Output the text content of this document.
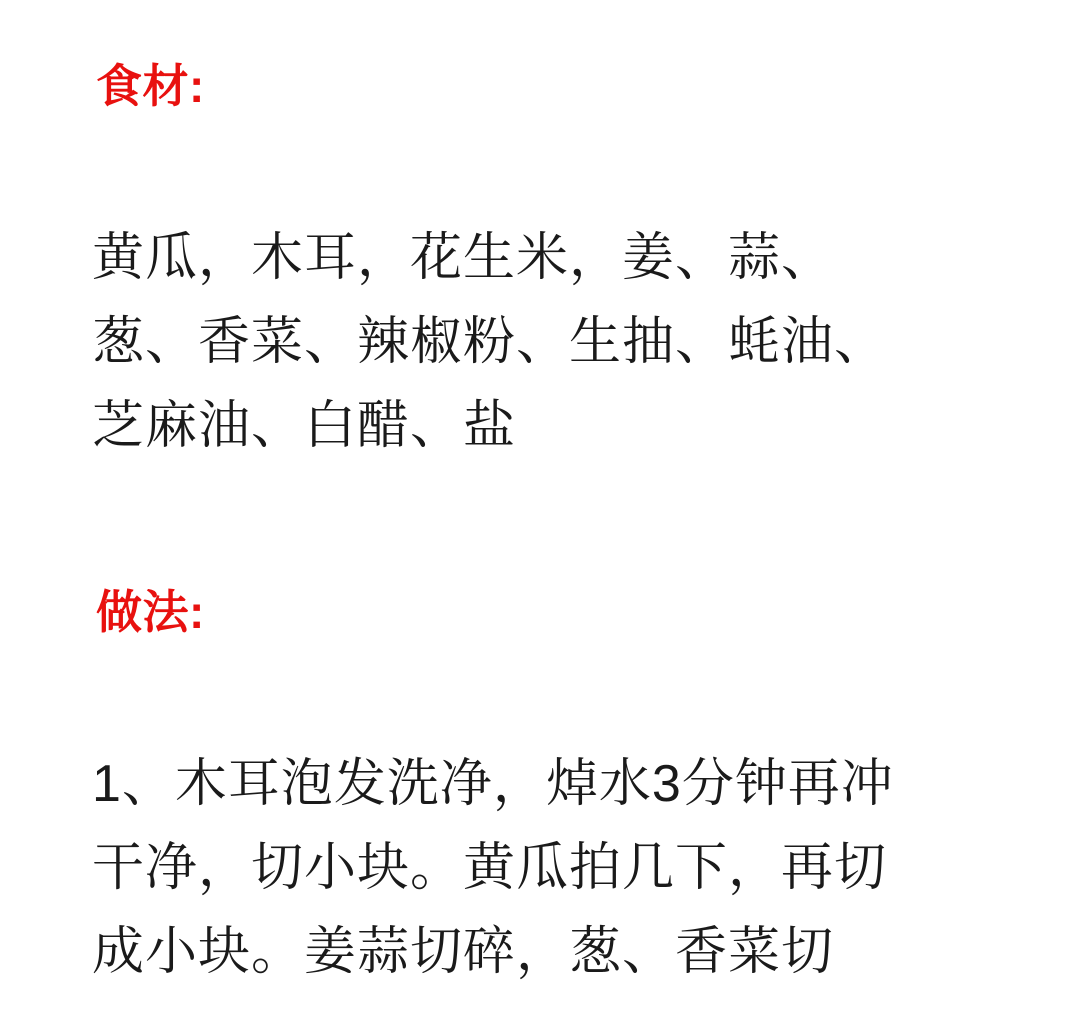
食材:
黄瓜，木耳，花生米，姜、蒜、
葱、香菜、辣椒粉、生抽、蚝油、
芝麻油、白醋、盐
做法:
1、木耳泡发洗净，焯水3分钟再冲
干净，切小块。黄瓜拍几下，再切
成小块。姜蒜切碎，葱、香菜切
